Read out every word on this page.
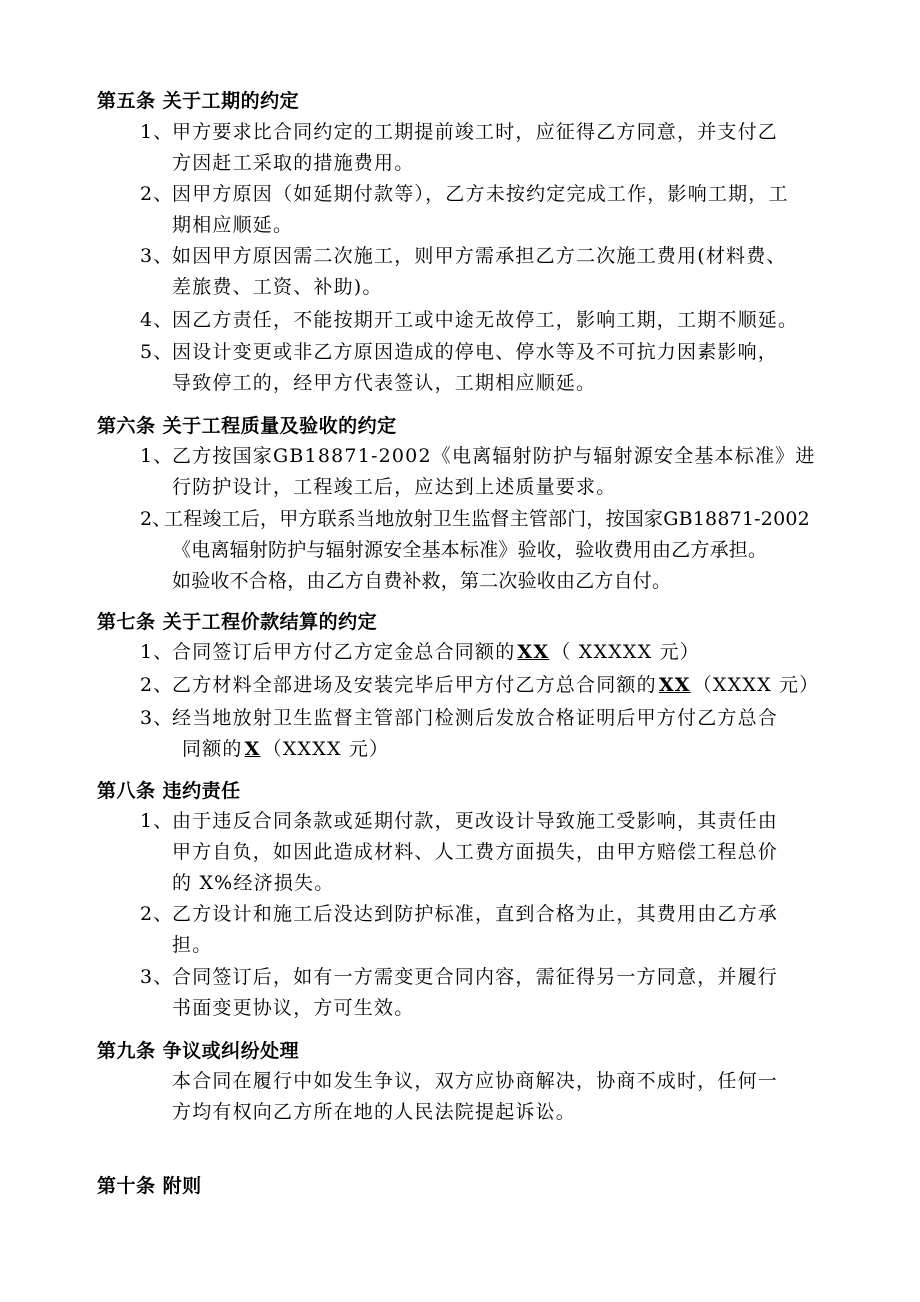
第五条 关于工期的约定
1、甲方要求比合同约定的工期提前竣工时，应征得乙方同意，并支付乙
方因赶工采取的措施费用。
2、因甲方原因（如延期付款等），乙方未按约定完成工作，影响工期，工
期相应顺延。
3、如因甲方原因需二次施工，则甲方需承担乙方二次施工费用(材料费、
差旅费、工资、补助)。
4、因乙方责任，不能按期开工或中途无故停工，影响工期，工期不顺延。
5、因设计变更或非乙方原因造成的停电、停水等及不可抗力因素影响，
导致停工的，经甲方代表签认，工期相应顺延。
第六条 关于工程质量及验收的约定
1、乙方按国家GB18871-2002《电离辐射防护与辐射源安全基本标准》进
行防护设计，工程竣工后，应达到上述质量要求。
2、工程竣工后，甲方联系当地放射卫生监督主管部门，按国家GB18871-2002
《电离辐射防护与辐射源安全基本标准》验收，验收费用由乙方承担。
如验收不合格，由乙方自费补救，第二次验收由乙方自付。
第七条 关于工程价款结算的约定
1、合同签订后甲方付乙方定金总合同额的 XX （ XXXXX 元）
2、乙方材料全部进场及安装完毕后甲方付乙方总合同额的 XX （XXXX 元）
3、经当地放射卫生监督主管部门检测后发放合格证明后甲方付乙方总合
同额的 X （XXXX 元）
第八条 违约责任
1、由于违反合同条款或延期付款，更改设计导致施工受影响，其责任由
甲方自负，如因此造成材料、人工费方面损失，由甲方赔偿工程总价
的 X%经济损失。
2、乙方设计和施工后没达到防护标准，直到合格为止，其费用由乙方承
担。
3、合同签订后，如有一方需变更合同内容，需征得另一方同意，并履行
书面变更协议，方可生效。
第九条 争议或纠纷处理
本合同在履行中如发生争议，双方应协商解决，协商不成时，任何一
方均有权向乙方所在地的人民法院提起诉讼。
第十条 附则
